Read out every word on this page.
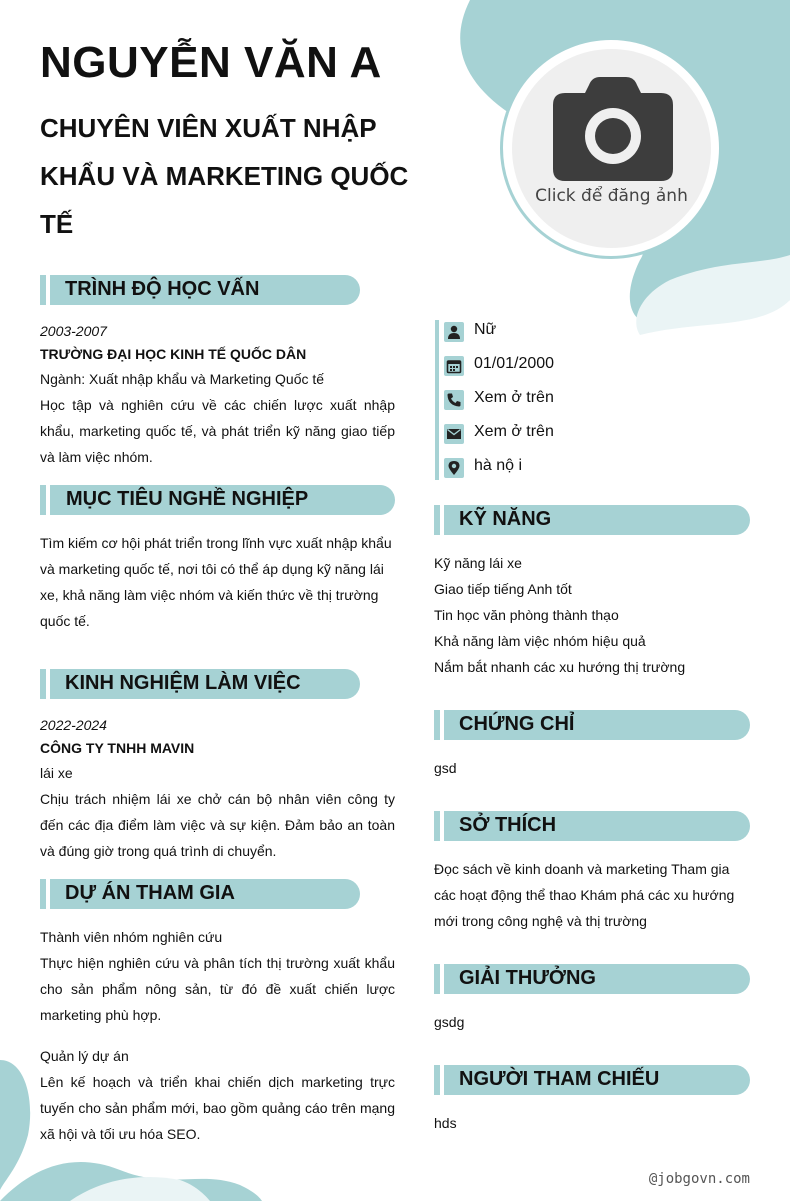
NGUYỄN VĂN A
CHUYÊN VIÊN XUẤT NHẬP KHẨU VÀ MARKETING QUỐC TẾ
Click để đăng ảnh
TRÌNH ĐỘ HỌC VẤN
2003-2007
TRƯỜNG ĐẠI HỌC KINH TẾ QUỐC DÂN
Ngành: Xuất nhập khẩu và Marketing Quốc tế
Học tập và nghiên cứu về các chiến lược xuất nhập khẩu, marketing quốc tế, và phát triển kỹ năng giao tiếp và làm việc nhóm.
MỤC TIÊU NGHỀ NGHIỆP
Tìm kiếm cơ hội phát triển trong lĩnh vực xuất nhập khẩu và marketing quốc tế, nơi tôi có thể áp dụng kỹ năng lái xe, khả năng làm việc nhóm và kiến thức về thị trường quốc tế.
KINH NGHIỆM LÀM VIỆC
2022-2024
CÔNG TY TNHH MAVIN
lái xe
Chịu trách nhiệm lái xe chở cán bộ nhân viên công ty đến các địa điểm làm việc và sự kiện. Đảm bảo an toàn và đúng giờ trong quá trình di chuyển.
DỰ ÁN THAM GIA
Thành viên nhóm nghiên cứu
Thực hiện nghiên cứu và phân tích thị trường xuất khẩu cho sản phẩm nông sản, từ đó đề xuất chiến lược marketing phù hợp.
Quản lý dự án
Lên kế hoạch và triển khai chiến dịch marketing trực tuyến cho sản phẩm mới, bao gồm quảng cáo trên mạng xã hội và tối ưu hóa SEO.
Nữ
01/01/2000
Xem ở trên
Xem ở trên
hà nộ i
KỸ NĂNG
Kỹ năng lái xe
Giao tiếp tiếng Anh tốt
Tin học văn phòng thành thạo
Khả năng làm việc nhóm hiệu quả
Nắm bắt nhanh các xu hướng thị trường
CHỨNG CHỈ
gsd
SỞ THÍCH
Đọc sách về kinh doanh và marketing Tham gia các hoạt động thể thao Khám phá các xu hướng mới trong công nghệ và thị trường
GIẢI THƯỞNG
gsdg
NGƯỜI THAM CHIẾU
hds
@jobgovn.com
